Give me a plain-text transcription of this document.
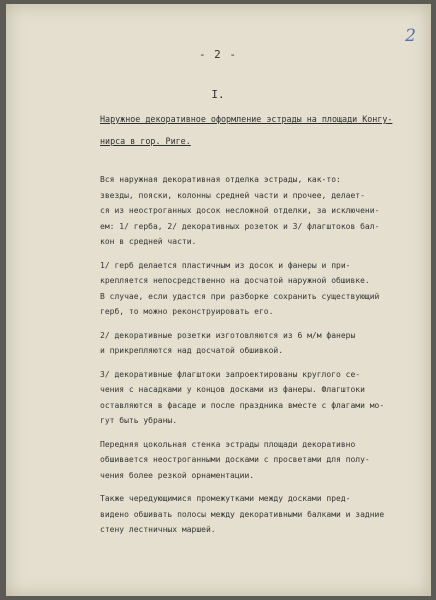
2
- 2 -
I.
Наружное декоративное оформление эстрады на площади Конгу-
нирса в гор. Риге.
Вся наружная декоративная отделка эстрады, как-то:
звезды, пояски, колонны средней части и прочее, делает-
ся из неостроганных досок несложной отделки, за исключени-
ем: 1/ герба, 2/ декоративных розеток и 3/ флагштоков бал-
кон в средней части.
1/ герб делается пластичным из досок и фанеры и при-
крепляется непосредственно на досчатой наружной обшивке.
В случае, если удастся при разборке сохранить существующий
герб, то можно реконструировать его.
2/ декоративные розетки изготовляются из 6 м/м фанеры
и прикрепляются над досчатой обшивкой.
3/ декоративные флагштоки запроектированы круглого се-
чения с насадками у концов досками из фанеры. Флагштоки
оставляются в фасаде и после праздника вместе с флагами мо-
гут быть убраны.
Передняя цокольная стенка эстрады площади декоративно
обшивается неостроганными досками с просветами для полу-
чения более резкой орнаментации.
Также чередующимися промежутками между досками пред-
видено обшивать полосы между декоративными балками и задние
стену лестничных маршей.
